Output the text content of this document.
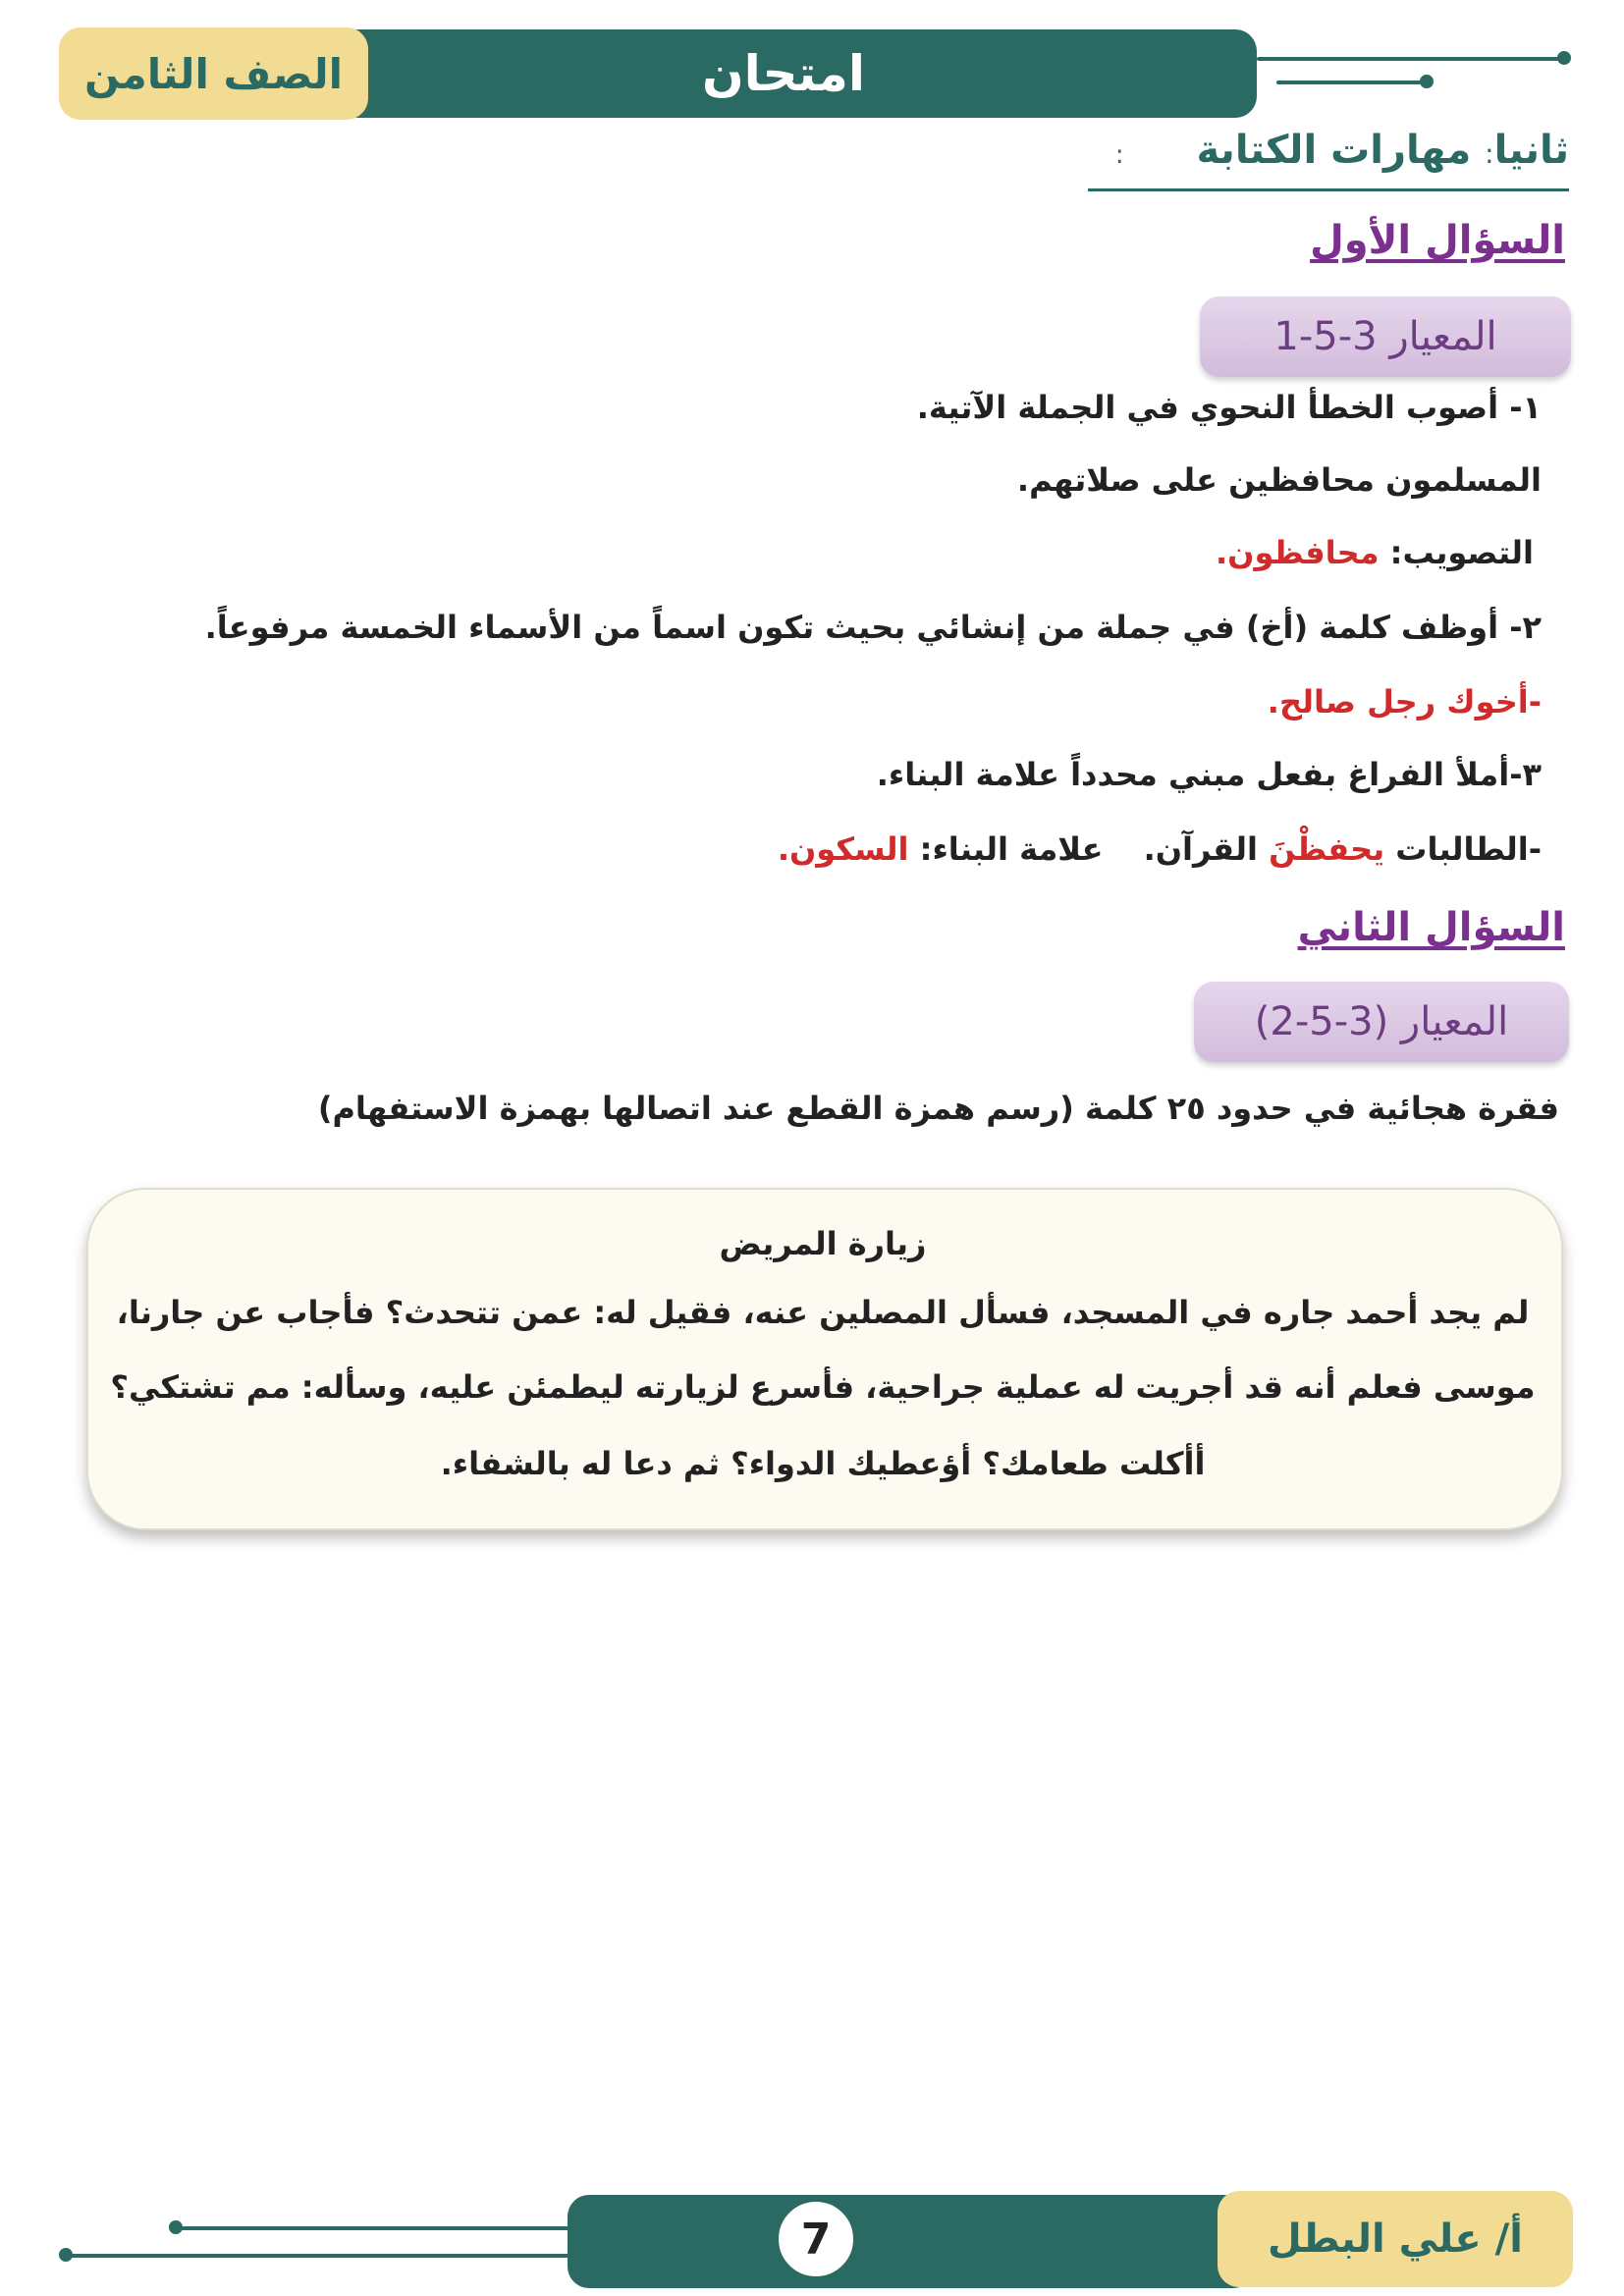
امتحان
الصف الثامن
ثانيا: مهارات الكتابة :
السؤال الأول
المعيار 3-5-1
١- أصوب الخطأ النحوي في الجملة الآتية.
المسلمون محافظين على صلاتهم.
التصويب: محافظون.
٢- أوظف كلمة (أخ) في جملة من إنشائي بحيث تكون اسماً من الأسماء الخمسة مرفوعاً.
-أخوك رجل صالح.
٣-أملأ الفراغ بفعل مبني محدداً علامة البناء.
-الطالبات يحفظْنَ القرآن. علامة البناء: السكون.
السؤال الثاني
المعيار (3-5-2)
فقرة هجائية في حدود ٢٥ كلمة (رسم همزة القطع عند اتصالها بهمزة الاستفهام)
زيارة المريض
لم يجد أحمد جاره في المسجد، فسأل المصلين عنه، فقيل له: عمن تتحدث؟ فأجاب عن جارنا،
موسى فعلم أنه قد أجريت له عملية جراحية، فأسرع لزيارته ليطمئن عليه، وسأله: مم تشتكي؟
أأكلت طعامك؟ أؤعطيك الدواء؟ ثم دعا له بالشفاء.
7	أ/ علي البطل
